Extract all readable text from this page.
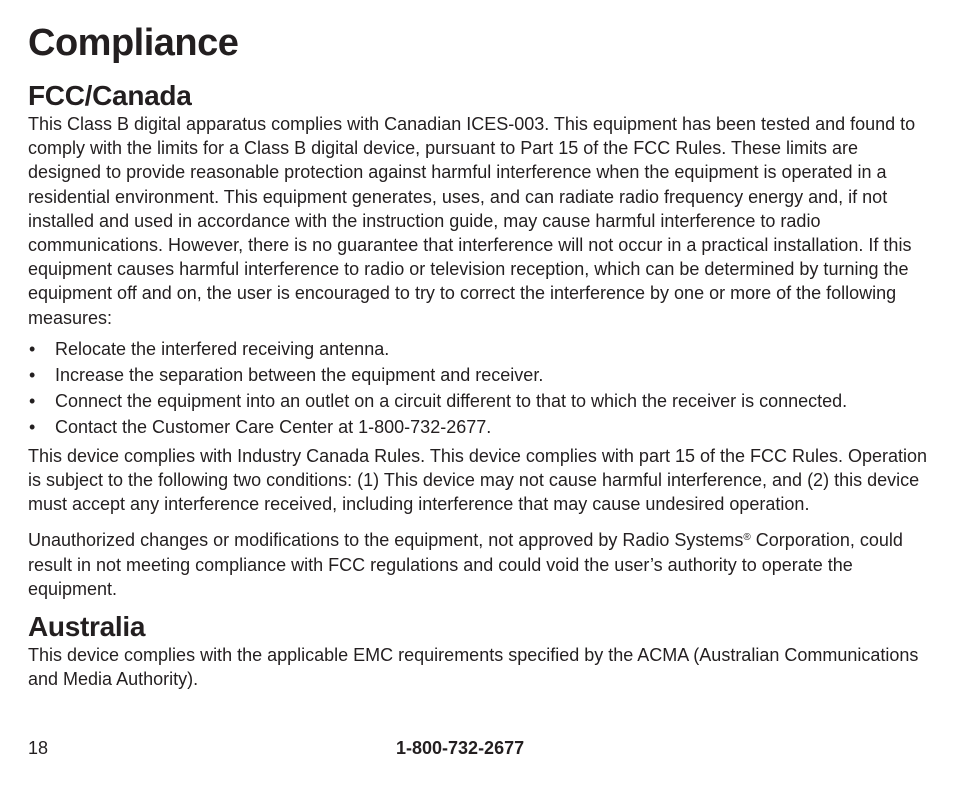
Compliance
FCC/Canada

This Class B digital apparatus complies with Canadian ICES-003. This equipment has been tested and found to comply with the limits for a Class B digital device, pursuant to Part 15 of the FCC Rules. These limits are designed to provide reasonable protection against harmful interference when the equipment is operated in a residential environment. This equipment generates, uses, and can radiate radio frequency energy and, if not installed and used in accordance with the instruction guide, may cause harmful interference to radio communications. However, there is no guarantee that interference will not occur in a practical installation. If this equipment causes harmful interference to radio or television reception, which can be determined by turning the equipment off and on, the user is encouraged to try to correct the interference by one or more of the following measures:

• Relocate the interfered receiving antenna.
• Increase the separation between the equipment and receiver.
• Connect the equipment into an outlet on a circuit different to that to which the receiver is connected.
• Contact the Customer Care Center at 1-800-732-2677.

This device complies with Industry Canada Rules. This device complies with part 15 of the FCC Rules. Operation is subject to the following two conditions: (1) This device may not cause harmful interference, and (2) this device must accept any interference received, including interference that may cause undesired operation.

Unauthorized changes or modifications to the equipment, not approved by Radio Systems® Corporation, could result in not meeting compliance with FCC regulations and could void the user’s authority to operate the equipment.

Australia

This device complies with the applicable EMC requirements specified by the ACMA (Australian Communications and Media Authority).

18	1-800-732-2677
